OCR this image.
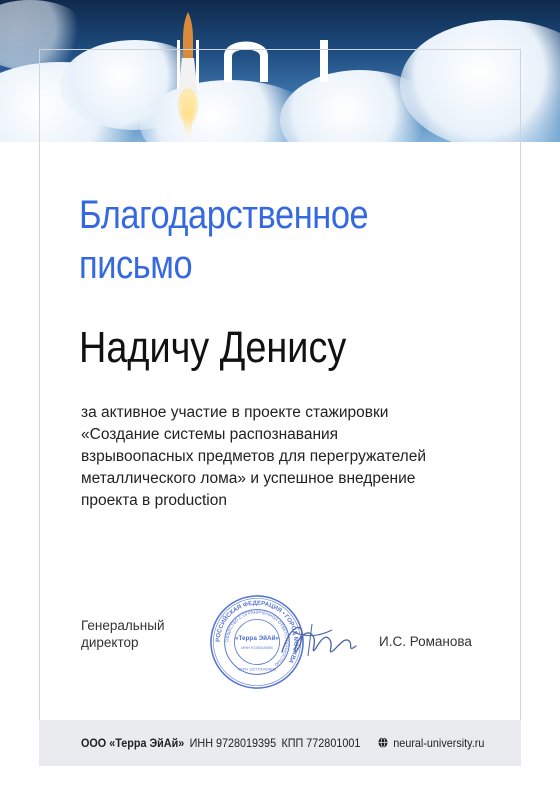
Благодарственное
письмо
Надичу Денису
за активное участие в проекте стажировки
«Создание системы распознавания
взрывоопасных предметов для перегружателей
металлического лома» и успешное внедрение
проекта в production
Генеральный
директор	РОССИЙСКАЯ ФЕДЕРАЦИЯ • ГОРОД МОСКВА
ОБЩЕСТВО С ОГРАНИЧЕННОЙ ОТВЕТСТВЕННОСТЬЮ
«Терра ЭйАй»
ИНН 9728019395
ОГРН 1227700434633
И.С. Романова
ООО «Терра ЭйАй» ИНН 9728019395 КПП 772801001	neural-university.ru
